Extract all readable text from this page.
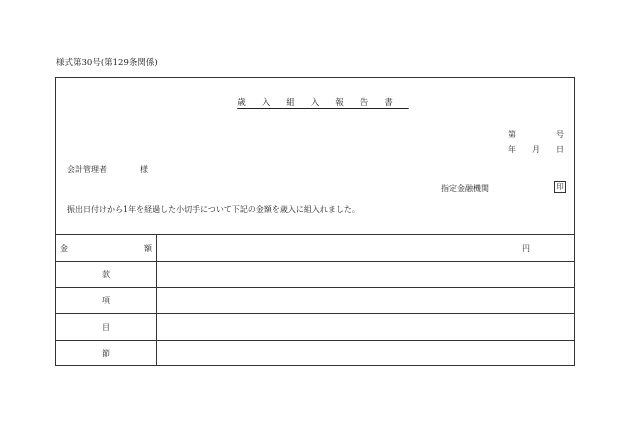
様式第30号(第129条関係)
歳入組入報告書
第	号
年 月 日
会計管理者	様
指定金融機関	印
振出日付けから1年を経過した小切手について下記の金額を歳入に組入れました。
金	額	円
款
項
目
節
